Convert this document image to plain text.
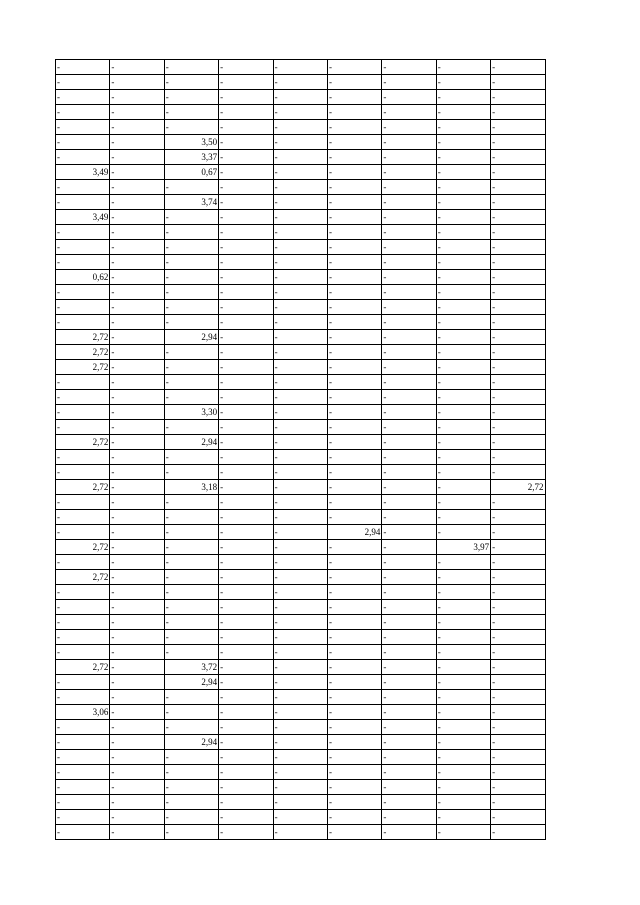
-	-	-	-	-	-	-	-	-
-	-	-	-	-	-	-	-	-
-	-	-	-	-	-	-	-	-
-	-	-	-	-	-	-	-	-
-	-	-	-	-	-	-	-	-
-	-	3,50	-	-	-	-	-	-
-	-	3,37	-	-	-	-	-	-
3,49	-	0,67	-	-	-	-	-	-
-	-	-	-	-	-	-	-	-
-	-	3,74	-	-	-	-	-	-
3,49	-	-	-	-	-	-	-	-
-	-	-	-	-	-	-	-	-
-	-	-	-	-	-	-	-	-
-	-	-	-	-	-	-	-	-
0,62	-	-	-	-	-	-	-	-
-	-	-	-	-	-	-	-	-
-	-	-	-	-	-	-	-	-
-	-	-	-	-	-	-	-	-
2,72	-	2,94	-	-	-	-	-	-
2,72	-	-	-	-	-	-	-	-
2,72	-	-	-	-	-	-	-	-
-	-	-	-	-	-	-	-	-
-	-	-	-	-	-	-	-	-
-	-	3,30	-	-	-	-	-	-
-	-	-	-	-	-	-	-	-
2,72	-	2,94	-	-	-	-	-	-
-	-	-	-	-	-	-	-	-
-	-	-	-	-	-	-	-	-
2,72	-	3,18	-	-	-	-	-	2,72
-	-	-	-	-	-	-	-	-
-	-	-	-	-	-	-	-	-
-	-	-	-	-	2,94	-	-	-
2,72	-	-	-	-	-	-	3,97	-
-	-	-	-	-	-	-	-	-
2,72	-	-	-	-	-	-	-	-
-	-	-	-	-	-	-	-	-
-	-	-	-	-	-	-	-	-
-	-	-	-	-	-	-	-	-
-	-	-	-	-	-	-	-	-
-	-	-	-	-	-	-	-	-
2,72	-	3,72	-	-	-	-	-	-
-	-	2,94	-	-	-	-	-	-
-	-	-	-	-	-	-	-	-
3,06	-	-	-	-	-	-	-	-
-	-	-	-	-	-	-	-	-
-	-	2,94	-	-	-	-	-	-
-	-	-	-	-	-	-	-	-
-	-	-	-	-	-	-	-	-
-	-	-	-	-	-	-	-	-
-	-	-	-	-	-	-	-	-
-	-	-	-	-	-	-	-	-
-	-	-	-	-	-	-	-	-
